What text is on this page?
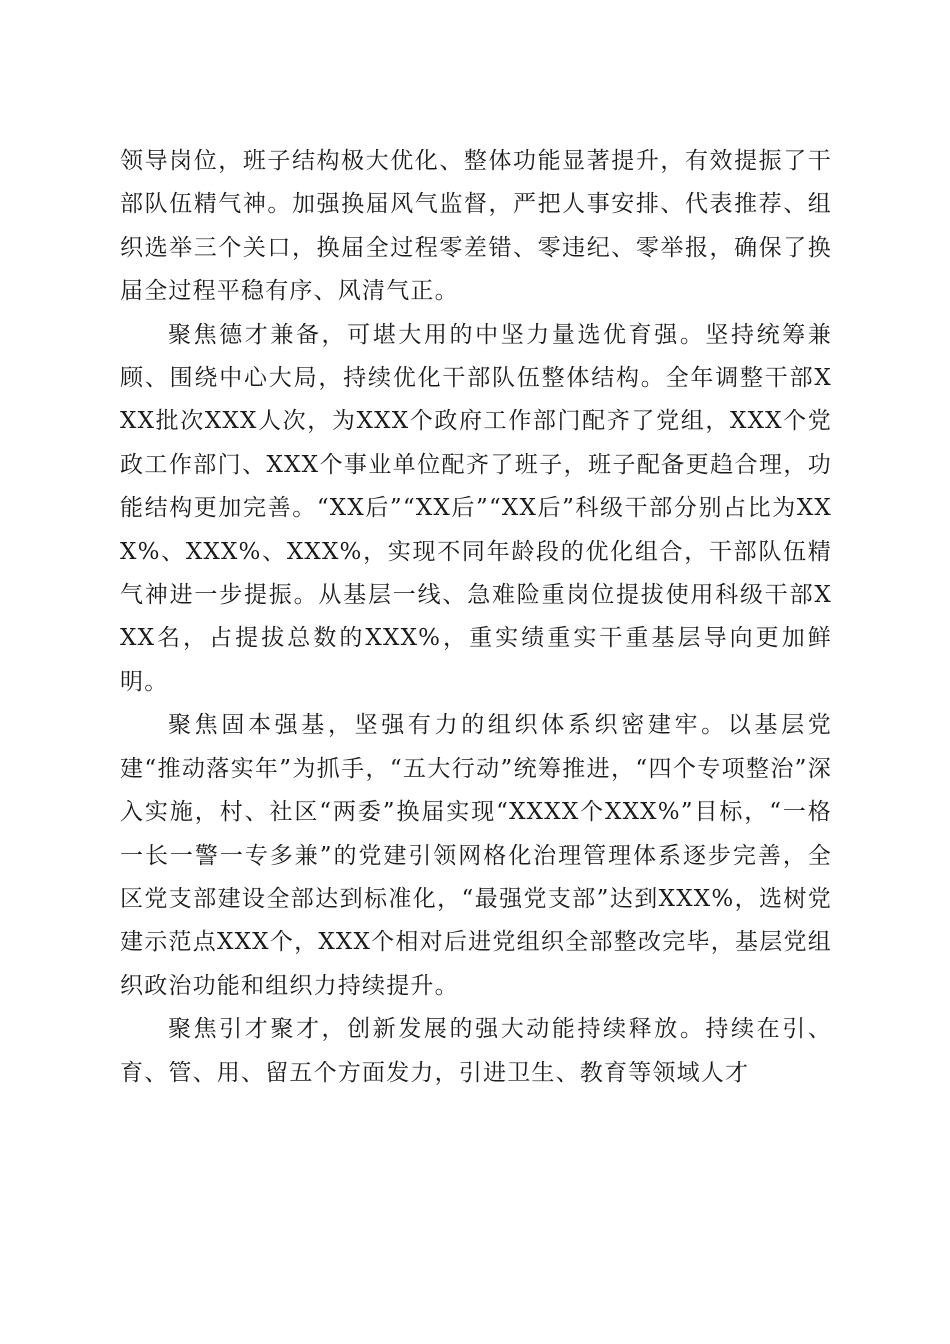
领导岗位，班子结构极大优化、整体功能显著提升，有效提振了干部队伍精气神。加强换届风气监督，严把人事安排、代表推荐、组织选举三个关口，换届全过程零差错、零违纪、零举报，确保了换届全过程平稳有序、风清气正。

聚焦德才兼备，可堪大用的中坚力量选优育强。坚持统筹兼顾、围绕中心大局，持续优化干部队伍整体结构。全年调整干部XXX批次XXX人次，为XXX个政府工作部门配齐了党组，XXX个党政工作部门、XXX个事业单位配齐了班子，班子配备更趋合理，功能结构更加完善。“XX后”“XX后”“XX后”科级干部分别占比为XXX%、XXX%、XXX%，实现不同年龄段的优化组合，干部队伍精气神进一步提振。从基层一线、急难险重岗位提拔使用科级干部XXX名，占提拔总数的XXX%，重实绩重实干重基层导向更加鲜明。

聚焦固本强基，坚强有力的组织体系织密建牢。以基层党建“推动落实年”为抓手，“五大行动”统筹推进，“四个专项整治”深入实施，村、社区“两委”换届实现“XXXX个XXX%”目标，“一格一长一警一专多兼”的党建引领网格化治理管理体系逐步完善，全区党支部建设全部达到标准化，“最强党支部”达到XXX%，选树党建示范点XXX个，XXX个相对后进党组织全部整改完毕，基层党组织政治功能和组织力持续提升。

聚焦引才聚才，创新发展的强大动能持续释放。持续在引、育、管、用、留五个方面发力，引进卫生、教育等领域人才
